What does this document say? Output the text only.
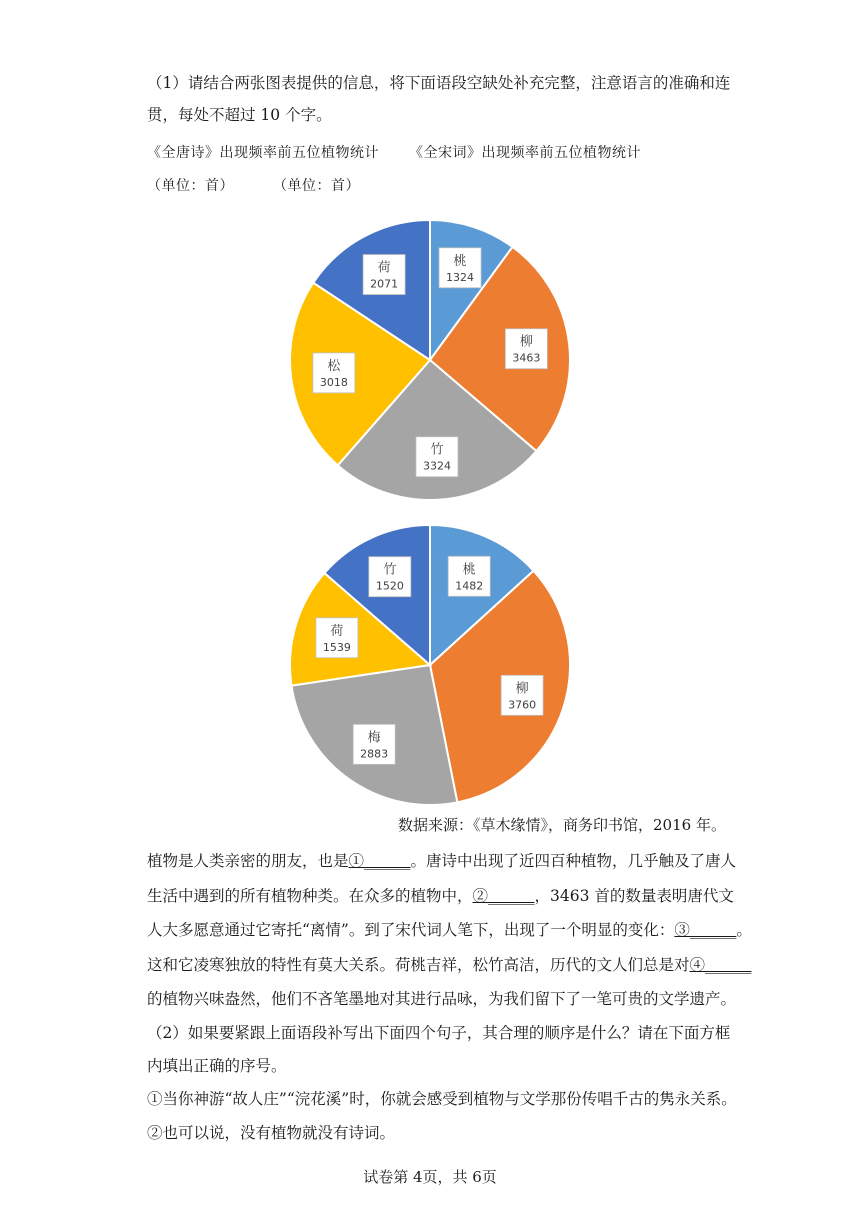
（1）请结合两张图表提供的信息，将下面语段空缺处补充完整，注意语言的准确和连
贯，每处不超过 10 个字。
《全唐诗》出现频率前五位植物统计 《全宋词》出现频率前五位植物统计
（单位：首）	（单位：首）
桃
1324
柳
3463
竹
3324
松
3018
荷
2071
桃
1482
柳
3760
梅
2883
荷
1539
竹
1520
数据来源：《草木缘情》，商务印书馆，2016 年。
植物是人类亲密的朋友，也是①______。唐诗中出现了近四百种植物，几乎触及了唐人
生活中遇到的所有植物种类。在众多的植物中，②______，3463 首的数量表明唐代文
人大多愿意通过它寄托“离情”。到了宋代词人笔下，出现了一个明显的变化：③______。
这和它凌寒独放的特性有莫大关系。荷桃吉祥，松竹高洁，历代的文人们总是对④______
的植物兴味盎然，他们不吝笔墨地对其进行品咏，为我们留下了一笔可贵的文学遗产。
（2）如果要紧跟上面语段补写出下面四个句子，其合理的顺序是什么？请在下面方框
内填出正确的序号。
①当你神游“故人庄”“浣花溪”时，你就会感受到植物与文学那份传唱千古的隽永关系。
②也可以说，没有植物就没有诗词。
试卷第 4页，共 6页
